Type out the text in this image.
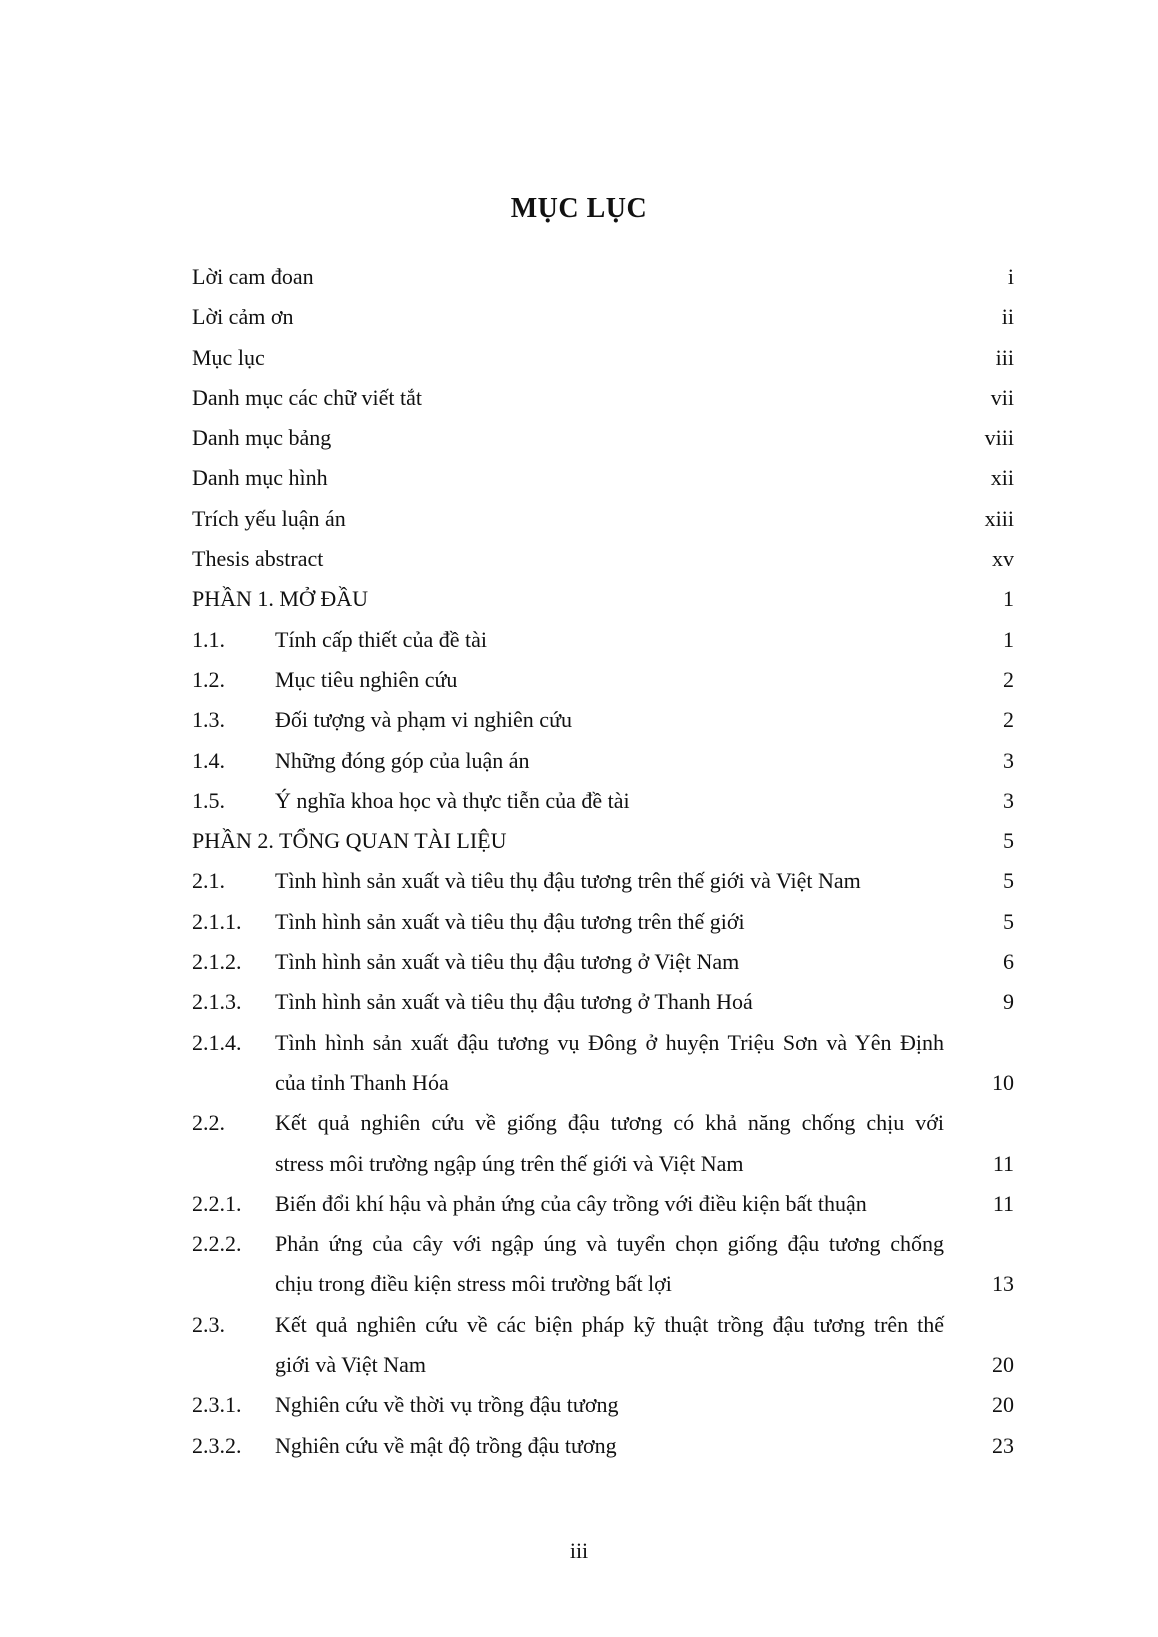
MỤC LỤC
Lời cam đoan	i
Lời cảm ơn	ii
Mục lục	iii
Danh mục các chữ viết tắt	vii
Danh mục bảng	viii
Danh mục hình	xii
Trích yếu luận án	xiii
Thesis abstract	xv
PHẦN 1. MỞ ĐẦU	1
1.1. Tính cấp thiết của đề tài	1
1.2. Mục tiêu nghiên cứu	2
1.3. Đối tượng và phạm vi nghiên cứu	2
1.4. Những đóng góp của luận án	3
1.5. Ý nghĩa khoa học và thực tiễn của đề tài	3
PHẦN 2. TỔNG QUAN TÀI LIỆU	5
2.1. Tình hình sản xuất và tiêu thụ đậu tương trên thế giới và Việt Nam	5
2.1.1. Tình hình sản xuất và tiêu thụ đậu tương trên thế giới	5
2.1.2. Tình hình sản xuất và tiêu thụ đậu tương ở Việt Nam	6
2.1.3. Tình hình sản xuất và tiêu thụ đậu tương ở Thanh Hoá	9
2.1.4. Tình hình sản xuất đậu tương vụ Đông ở huyện Triệu Sơn và Yên Định
của tỉnh Thanh Hóa	10
2.2. Kết quả nghiên cứu về giống đậu tương có khả năng chống chịu với
stress môi trường ngập úng trên thế giới và Việt Nam	11
2.2.1. Biến đổi khí hậu và phản ứng của cây trồng với điều kiện bất thuận	11
2.2.2. Phản ứng của cây với ngập úng và tuyển chọn giống đậu tương chống
chịu trong điều kiện stress môi trường bất lợi	13
2.3. Kết quả nghiên cứu về các biện pháp kỹ thuật trồng đậu tương trên thế
giới và Việt Nam	20
2.3.1. Nghiên cứu về thời vụ trồng đậu tương	20
2.3.2. Nghiên cứu về mật độ trồng đậu tương	23
iii
